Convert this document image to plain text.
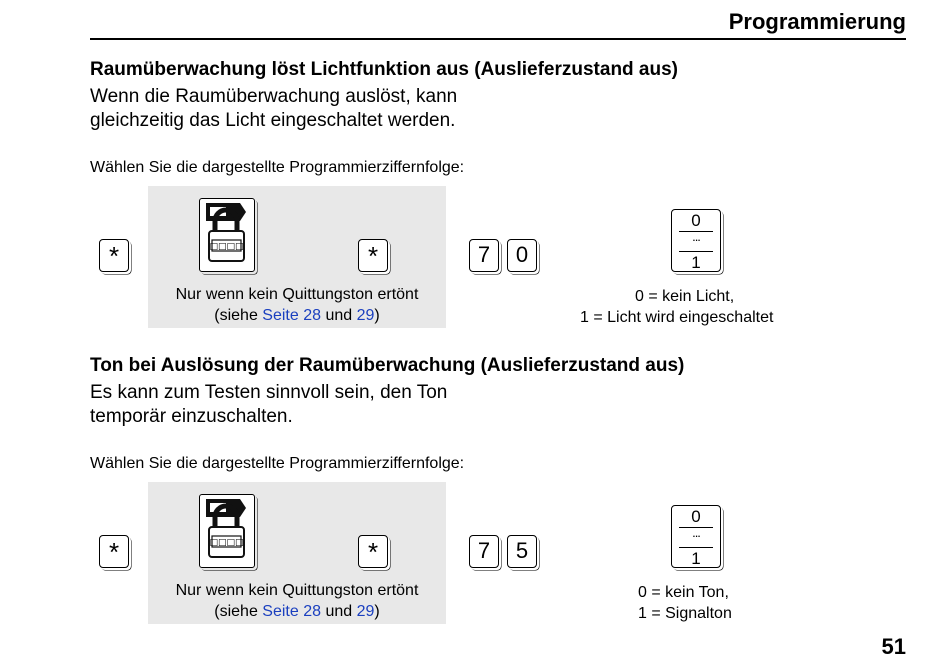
Programmierung
Raumüberwachung löst Lichtfunktion aus (Auslieferzustand aus)
Wenn die Raumüberwachung auslöst, kann
gleichzeitig das Licht eingeschaltet werden.
Wählen Sie die dargestellte Programmierziffernfolge:
*	□□□□	*
Nur wenn kein Quittungston ertönt
(siehe Seite 28 und 29)
7	0
0
...
1
0 = kein Licht,
1 = Licht wird eingeschaltet
Ton bei Auslösung der Raumüberwachung (Auslieferzustand aus)
Es kann zum Testen sinnvoll sein, den Ton
temporär einzuschalten.
Wählen Sie die dargestellte Programmierziffernfolge:
*	□□□□	*
Nur wenn kein Quittungston ertönt
(siehe Seite 28 und 29)
7	5
0
...
1
0 = kein Ton,
1 = Signalton
51
